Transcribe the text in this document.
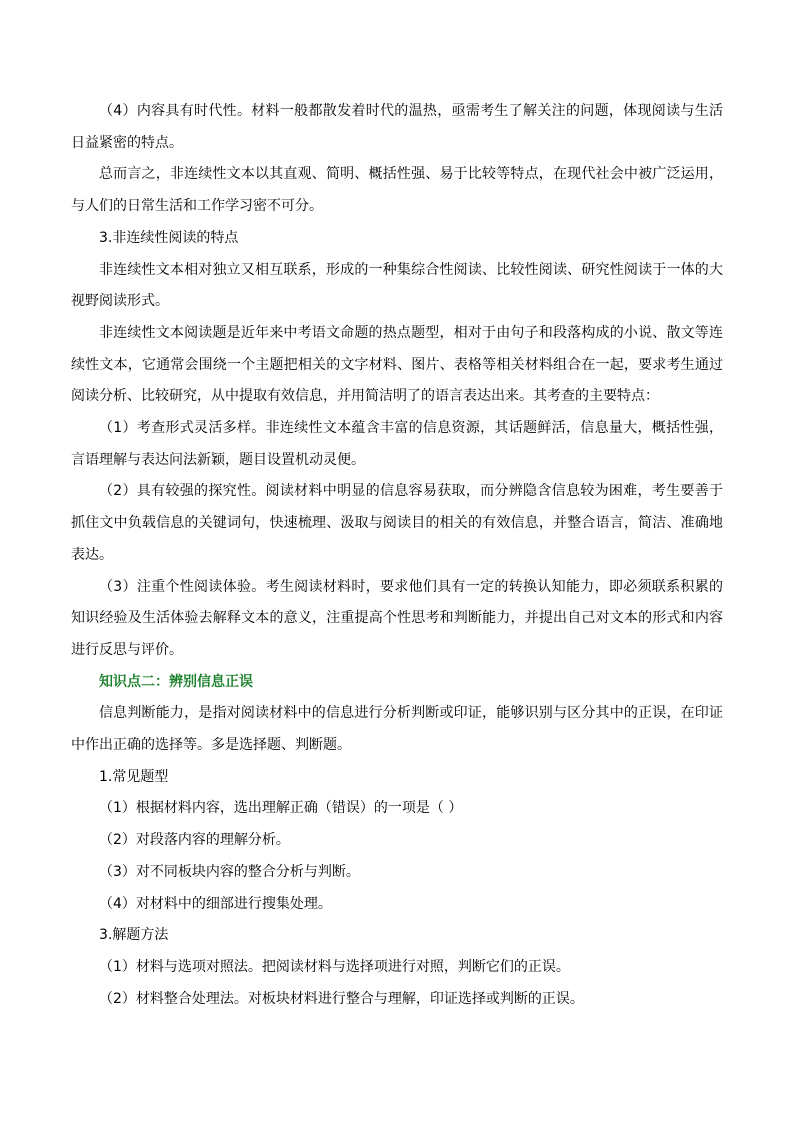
（4）内容具有时代性。材料一般都散发着时代的温热，亟需考生了解关注的问题，体现阅读与生活日益紧密的特点。

总而言之，非连续性文本以其直观、简明、概括性强、易于比较等特点，在现代社会中被广泛运用，与人们的日常生活和工作学习密不可分。

3.非连续性阅读的特点

非连续性文本相对独立又相互联系，形成的一种集综合性阅读、比较性阅读、研究性阅读于一体的大视野阅读形式。

非连续性文本阅读题是近年来中考语文命题的热点题型，相对于由句子和段落构成的小说、散文等连续性文本，它通常会围绕一个主题把相关的文字材料、图片、表格等相关材料组合在一起，要求考生通过阅读分析、比较研究，从中提取有效信息，并用简洁明了的语言表达出来。其考查的主要特点：

（1）考查形式灵活多样。非连续性文本蕴含丰富的信息资源，其话题鲜活，信息量大，概括性强，言语理解与表达问法新颖，题目设置机动灵便。

（2）具有较强的探究性。阅读材料中明显的信息容易获取，而分辨隐含信息较为困难，考生要善于抓住文中负载信息的关键词句，快速梳理、汲取与阅读目的相关的有效信息，并整合语言，简洁、准确地表达。

（3）注重个性阅读体验。考生阅读材料时，要求他们具有一定的转换认知能力，即必须联系积累的知识经验及生活体验去解释文本的意义，注重提高个性思考和判断能力，并提出自己对文本的形式和内容进行反思与评价。

知识点二：辨别信息正误

信息判断能力，是指对阅读材料中的信息进行分析判断或印证，能够识别与区分其中的正误，在印证中作出正确的选择等。多是选择题、判断题。

1.常见题型

（1）根据材料内容，选出理解正确（错误）的一项是（ ）

（2）对段落内容的理解分析。

（3）对不同板块内容的整合分析与判断。

（4）对材料中的细部进行搜集处理。

3.解题方法

（1）材料与选项对照法。把阅读材料与选择项进行对照，判断它们的正误。

（2）材料整合处理法。对板块材料进行整合与理解，印证选择或判断的正误。
